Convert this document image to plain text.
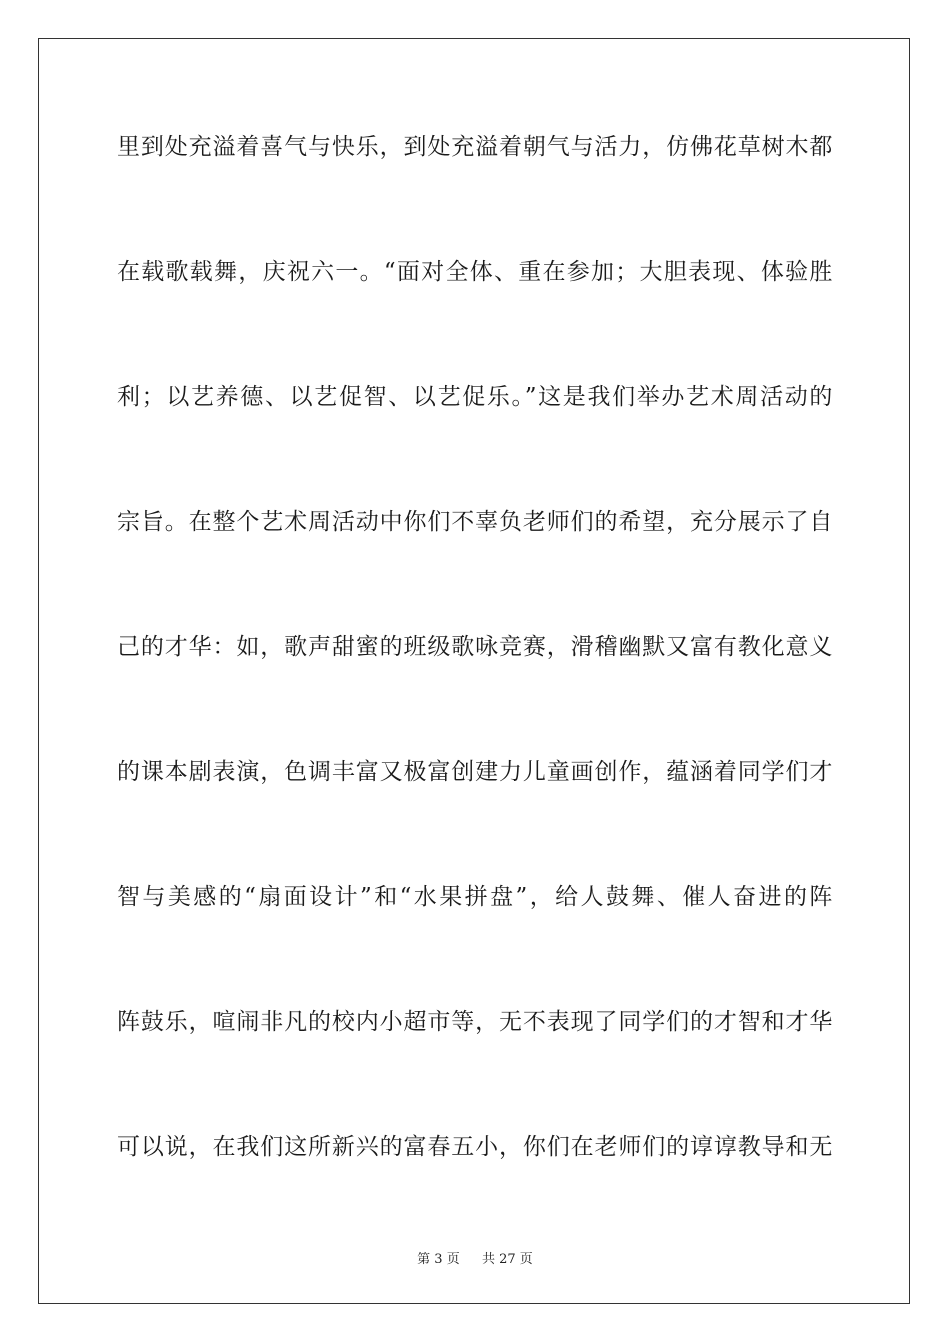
里到处充溢着喜气与快乐，到处充溢着朝气与活力，仿佛花草树木都
在载歌载舞，庆祝六一。“面对全体、重在参加；大胆表现、体验胜
利；以艺养德、以艺促智、以艺促乐。”这是我们举办艺术周活动的
宗旨。在整个艺术周活动中你们不辜负老师们的希望，充分展示了自
己的才华：如，歌声甜蜜的班级歌咏竞赛，滑稽幽默又富有教化意义
的课本剧表演，色调丰富又极富创建力儿童画创作，蕴涵着同学们才
智与美感的“扇面设计”和“水果拼盘”，给人鼓舞、催人奋进的阵
阵鼓乐，喧闹非凡的校内小超市等，无不表现了同学们的才智和才华
可以说，在我们这所新兴的富春五小，你们在老师们的谆谆教导和无
第 3 页 共 27 页
